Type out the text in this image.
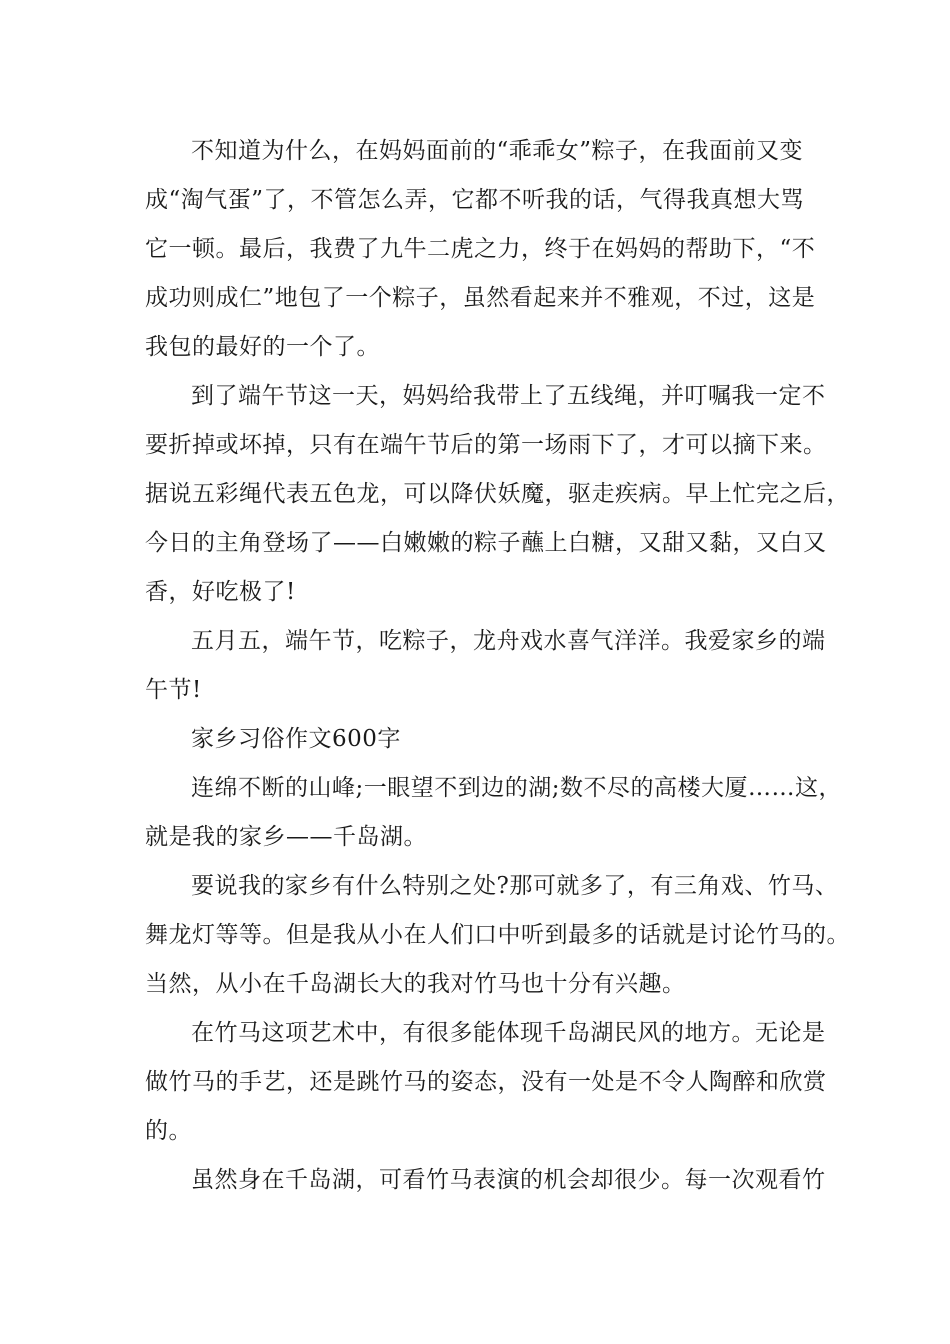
不知道为什么，在妈妈面前的“乖乖女”粽子，在我面前又变
成“淘气蛋”了，不管怎么弄，它都不听我的话，气得我真想大骂
它一顿。最后，我费了九牛二虎之力，终于在妈妈的帮助下，“不
成功则成仁”地包了一个粽子，虽然看起来并不雅观，不过，这是
我包的最好的一个了。
到了端午节这一天，妈妈给我带上了五线绳，并叮嘱我一定不
要折掉或坏掉，只有在端午节后的第一场雨下了，才可以摘下来。
据说五彩绳代表五色龙，可以降伏妖魔，驱走疾病。早上忙完之后，
今日的主角登场了——白嫩嫩的粽子蘸上白糖，又甜又黏，又白又
香，好吃极了!
五月五，端午节，吃粽子，龙舟戏水喜气洋洋。我爱家乡的端
午节!
家乡习俗作文600字
连绵不断的山峰;一眼望不到边的湖;数不尽的高楼大厦……这，
就是我的家乡——千岛湖。
要说我的家乡有什么特别之处?那可就多了，有三角戏、竹马、
舞龙灯等等。但是我从小在人们口中听到最多的话就是讨论竹马的。
当然，从小在千岛湖长大的我对竹马也十分有兴趣。
在竹马这项艺术中，有很多能体现千岛湖民风的地方。无论是
做竹马的手艺，还是跳竹马的姿态，没有一处是不令人陶醉和欣赏
的。
虽然身在千岛湖，可看竹马表演的机会却很少。每一次观看竹
